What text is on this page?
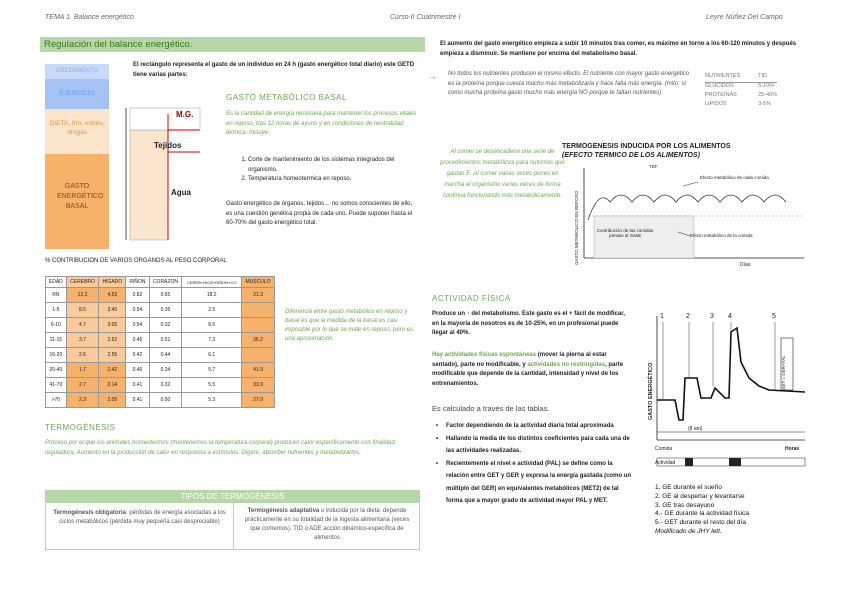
TEMA 1. Balance energético	Curso II Cuatrimestre I	Leyre Núñez Del Campo
Regulación del balance energético.
CRECIMIENTO
EJERCICIO
DIETA, frío, estrés, drogas
GASTO ENERGÉTICO BASAL
M.G.
Tejidos
Agua
El rectángulo representa el gasto de un individuo en 24 h (gasto energético total diario) este GETD tiene varias partes:
GASTO METABÓLICO BASAL
Es la cantidad de energía necesaria para mantener los procesos vitales en reposo, tras 12 horas de ayuno y en condiciones de neutralidad térmica. Incluye:
1. Corte de mantenimiento de los sistemas integrados del organismo.
2. Temperatura homeotermica en reposo.
Gasto energético de órganos, tejidos… no somos conscientes de ello, es una cuestión genética propia de cada uno. Puede suponer hasta el 60-70% del gasto energético total.
% CONTRIBUCION DE VARIOS ORGANOS AL PESO CORPORAL
EDAD	CEREBRO	HIGADO	RIÑON	CORAZON	CEREB+HIGA+RIÑON+CO	MUSCULO
RN	12.2	4.53	0.82	0.65	18.2	21.3
1-5	8.5	3.45	0.54	0.35	2.5	
6-10	4.7	3.05	0.54	0.32	8.5	
11-15	3.7	2.62	0.45	0.51	7.3	36.2
16-20	2.6	2.55	0.42	0.44	6.1	
20-40	1.7	2.42	0.46	0.34	5.7	41.9
41-70	2.7	2.14	0.41	0.32	5.5	33.9
>70	2.3	2.05	0.41	0.50	5.3	27.0
Diferencia entre gasto metabólico en reposo y basal es que la medida de la basal es casi imposible por lo que se mide en reposo, pero es una aproximación.
TERMOGÉNESIS
Proceso por el que los animales homeotermos (mantenemos la temperatura corporal) producen calor específicamente con finalidad reguladora. Aumento en la producción de calor en respuesta a estímulos. Digerir, absorber nutrientes y metabolizarlos.
TIPOS DE TERMOGÉNESIS
Termogénesis obligatoria: pérdidas de energía asociadas a los ciclos metabólicos (pérdida muy pequeña casi despreciable)
Termogénesis adaptativa o inducida por la dieta: depende prácticamente en su totalidad de la ingesta alimentaria (veces que comemos). TID o ADE acción dinámico-específica de alimentos
El aumento del gasto energético empieza a subir 10 minutos tras comer, es máximo en torno a los 60-120 minutos y después empieza a disminuir. Se mantiene por encima del metabolismo basal.
→ No todos los nutrientes producen el mismo efecto. El nutriente con mayor gasto energético es la proteína porque cuesta mucho más metabolizarla y hace falta más energía. (mito: si como mucha proteína gasto mucho más energía NO porque te faltan nutrientes)
NUTRIENTES	TID
GLUCIDOS	5-10%
PROTEÍNAS	25-40%
LIPIDOS	3-5%
Al comer se desencadena una serie de procedimientos metabólicos para nutrirnos que gastan E. Al comer varias veces pones en marcha el organismo varias veces de forma continua funcionando más metabólicamente.
TERMOGENESIS INDUCIDA POR LOS ALIMENTOS
(EFECTO TERMICO DE LOS ALIMENTOS)
GASTO METABOLICO EN REPOSO	Días
Efecto metabólico de cada comida
TEF
Contribución de las comidas previas al GasB	Efecto metabólico de la comida
ACTIVIDAD FÍSICA
Produce un ↑ del metabolismo. Este gasto es el + fácil de modificar, en la mayoría de nosotros es de 10-25%, en un profesional puede llegar al 40%.
Hay actividades físicas espontáneas (mover la pierna al estar sentado), parte no modificable, y actividades no restringidas, parte modificable que depende de la cantidad, intensidad y nivel de los entrenamientos.
Es calculado a través de las tablas.
• Factor dependiendo de la actividad diaria total aproximada
• Hallando la media de los distintos coeficientes para cada una de las actividades realizadas.
• Recientemente el nivel e actividad (PAL) se define como la relación entre GET y GER y expresa la energía gastada (como un múltiplo del GER) en equivalentes metabólicos (MET2) de tal forma que a mayor grado de actividad mayor PAL y MET.
GASTO ENERGÉTICO
1	2	3 4	5
GET = GER+TAL
(8 am)
Comida	Horas
Actividad
1. GE durante el sueño
2. GE al despertar y levantarse
3. GE tras desayuno
4.- GE durante la actividad física
5.- GET durante el resto del día
Modificado de JHY lett.
